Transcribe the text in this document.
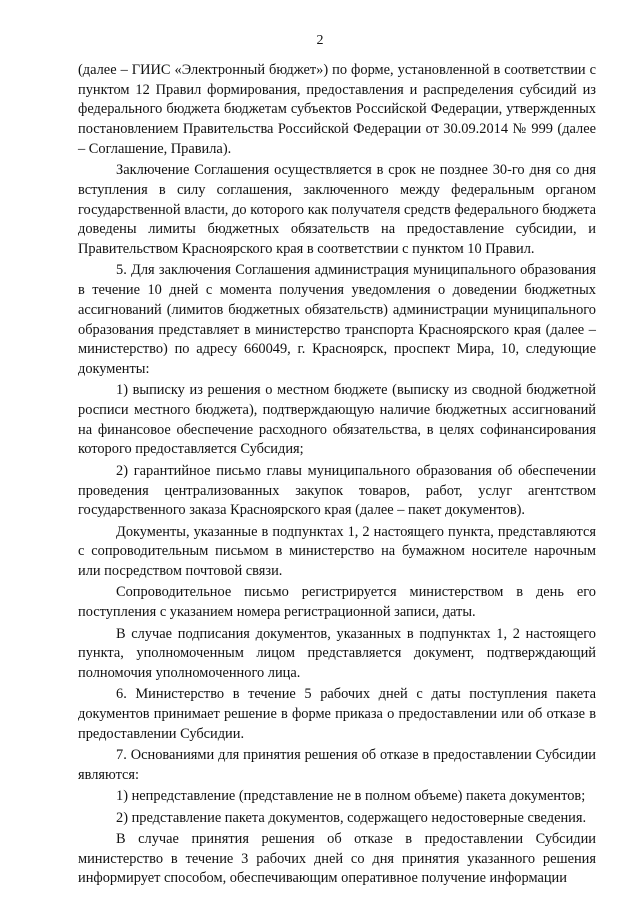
2

(далее – ГИИС «Электронный бюджет») по форме, установленной в соответствии с пунктом 12 Правил формирования, предоставления и распределения субсидий из федерального бюджета бюджетам субъектов Российской Федерации, утвержденных постановлением Правительства Российской Федерации от 30.09.2014 № 999 (далее – Соглашение, Правила).

Заключение Соглашения осуществляется в срок не позднее 30-го дня со дня вступления в силу соглашения, заключенного между федеральным органом государственной власти, до которого как получателя средств федерального бюджета доведены лимиты бюджетных обязательств на предоставление субсидии, и Правительством Красноярского края в соответствии с пунктом 10 Правил.

5. Для заключения Соглашения администрация муниципального образования в течение 10 дней с момента получения уведомления о доведении бюджетных ассигнований (лимитов бюджетных обязательств) администрации муниципального образования представляет в министерство транспорта Красноярского края (далее – министерство) по адресу 660049, г. Красноярск, проспект Мира, 10, следующие документы:

1) выписку из решения о местном бюджете (выписку из сводной бюджетной росписи местного бюджета), подтверждающую наличие бюджетных ассигнований на финансовое обеспечение расходного обязательства, в целях софинансирования которого предоставляется Субсидия;

2) гарантийное письмо главы муниципального образования об обеспечении проведения централизованных закупок товаров, работ, услуг агентством государственного заказа Красноярского края (далее – пакет документов).

Документы, указанные в подпунктах 1, 2 настоящего пункта, представляются с сопроводительным письмом в министерство на бумажном носителе нарочным или посредством почтовой связи.

Сопроводительное письмо регистрируется министерством в день его поступления с указанием номера регистрационной записи, даты.

В случае подписания документов, указанных в подпунктах 1, 2 настоящего пункта, уполномоченным лицом представляется документ, подтверждающий полномочия уполномоченного лица.

6. Министерство в течение 5 рабочих дней с даты поступления пакета документов принимает решение в форме приказа о предоставлении или об отказе в предоставлении Субсидии.

7. Основаниями для принятия решения об отказе в предоставлении Субсидии являются:

1) непредставление (представление не в полном объеме) пакета документов;

2) представление пакета документов, содержащего недостоверные сведения.

В случае принятия решения об отказе в предоставлении Субсидии министерство в течение 3 рабочих дней со дня принятия указанного решения информирует способом, обеспечивающим оперативное получение информации
